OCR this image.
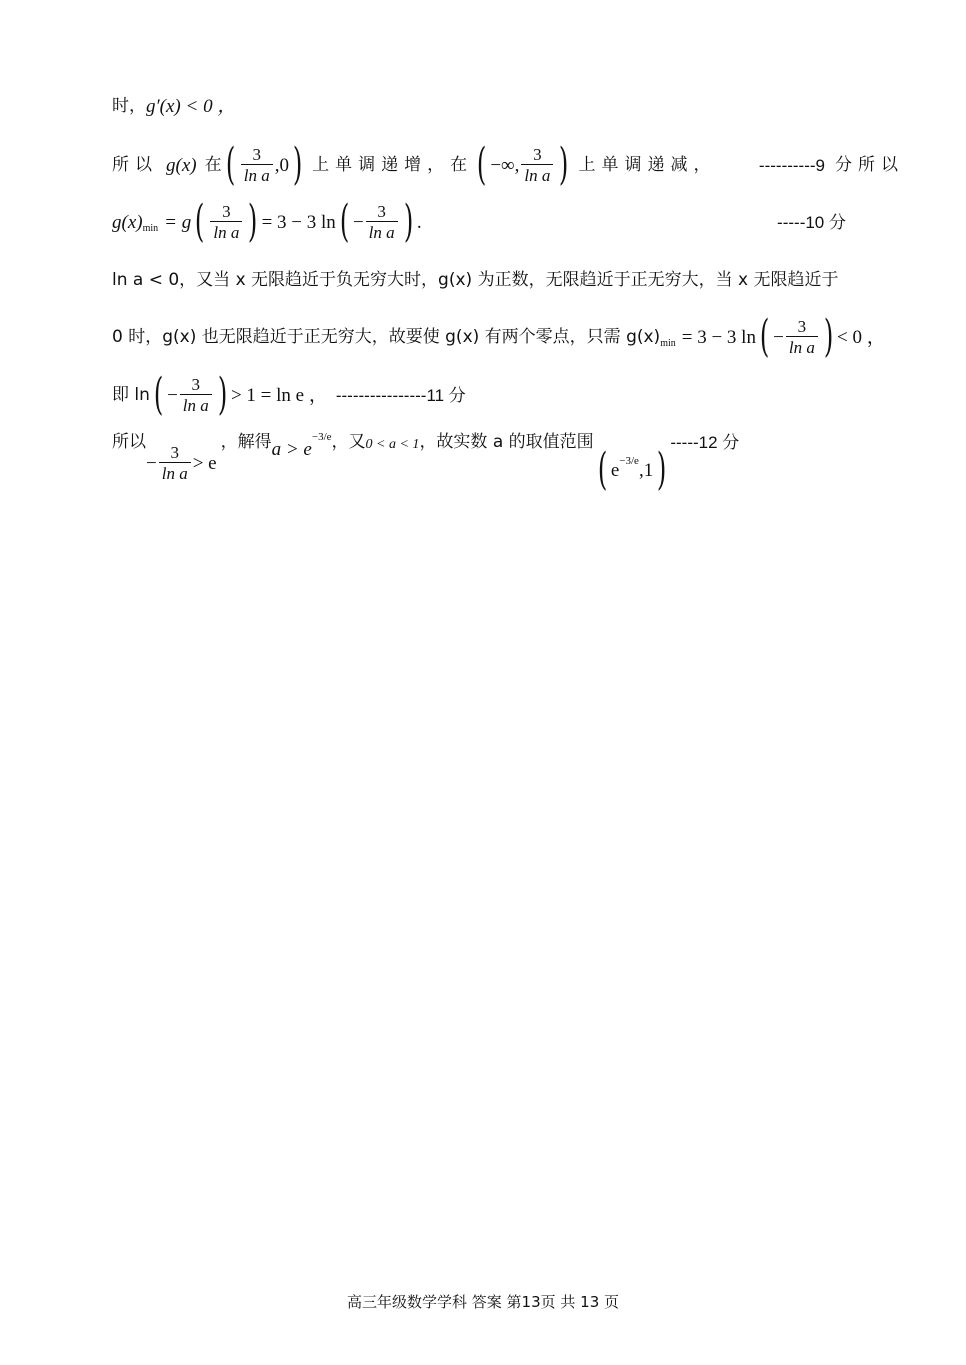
时， g′(x) < 0 ，
所以 g(x) 在 ( $\frac{3}{\text{ln a}} ,0$ ) 上单调递增，在 ( −∞, $\frac{3}{\text{ln a}}$ ) 上单调递减， ----------9 分所以
g(x) min = g ( $\frac{3}{\text{ln a}}$ ) = 3 − 3 ln ( − $\frac{3}{\text{ln a}}$ ) .	-----10 分
ln a < 0，又当 x 无限趋近于负无穷大时，g(x) 为正数，无限趋近于正无穷大，当 x 无限趋近于
0 时，g(x) 也无限趋近于正无穷大，故要使 g(x) 有两个零点，只需 g(x) min = 3 − 3 ln ( − $\frac{3}{\text{ln a}}$ ) < 0 ，
即 ln ( − $\frac{3}{\text{ln a}}$ ) > 1 = ln e ， ----------------11 分
所以
− $\frac{3}{\text{ln a}} > e$
，解得 a > e
−3/e ，又 0 < a < 1 ，故实数 a 的取值范围
( e −3/e ,1 )
-----12 分
高三年级数学学科 答案 第13页 共 13 页
